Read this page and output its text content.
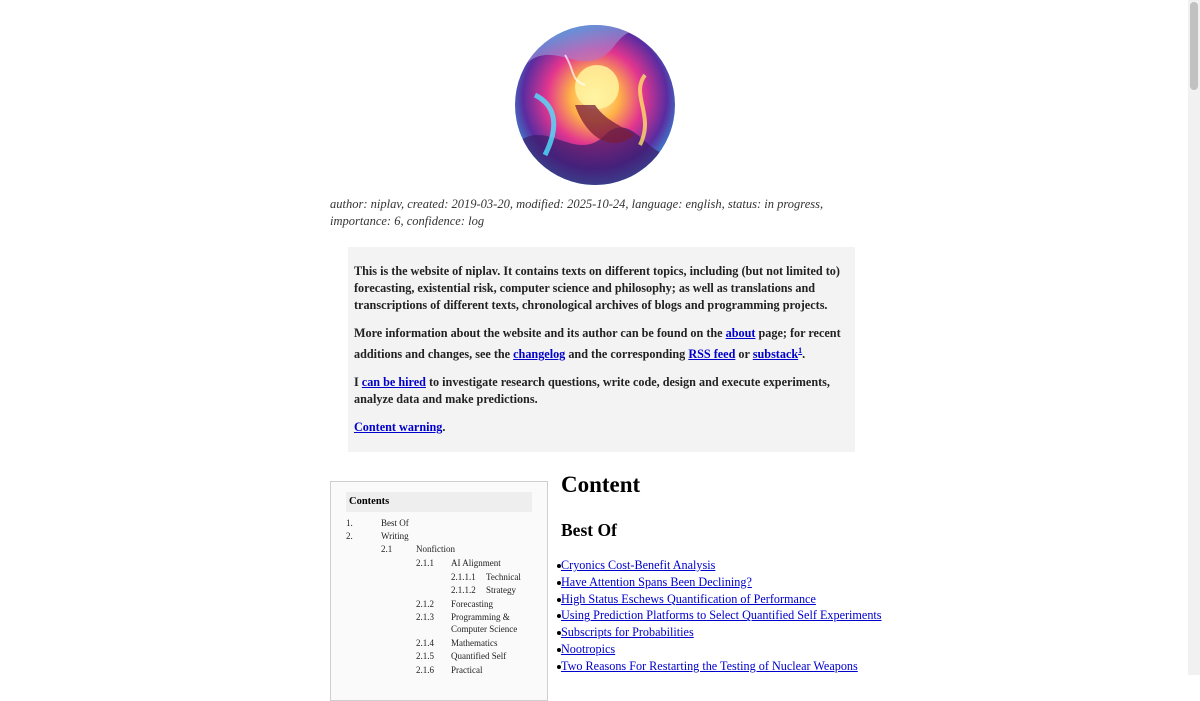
author: niplav, created: 2019-03-20, modified: 2025-10-24, language: english, status: in progress, importance: 6, confidence: log

This is the website of niplav. It contains texts on different topics, including (but not limited to) forecasting, existential risk, computer science and philosophy; as well as translations and transcriptions of different texts, chronological archives of blogs and programming projects.

More information about the website and its author can be found on the about page; for recent additions and changes, see the changelog and the corresponding RSS feed or substack$^1$.

I can be hired to investigate research questions, write code, design and execute experiments, analyze data and make predictions.

Content warning.

Contents
1.	Best Of
2.	Writing
2.1	Nonfiction
2.1.1 AI Alignment
2.1.1.1 Technical
2.1.1.2 Strategy
2.1.2 Forecasting
2.1.3 Programming &
Computer Science
2.1.4 Mathematics
2.1.5 Quantified Self
2.1.6 Practical
Content
Best Of
Cryonics Cost-Benefit Analysis
Have Attention Spans Been Declining?
High Status Eschews Quantification of Performance
Using Prediction Platforms to Select Quantified Self Experiments
Subscripts for Probabilities
Nootropics
Two Reasons For Restarting the Testing of Nuclear Weapons
